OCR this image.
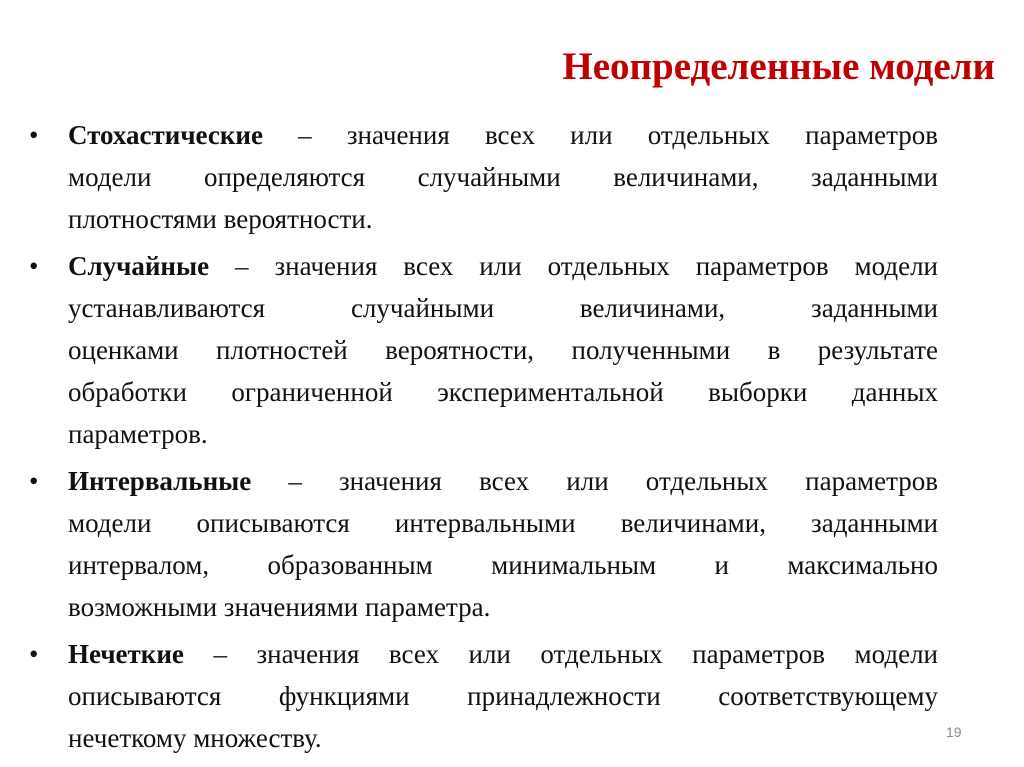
Неопределенные модели
• Стохастические – значения всех или отдельных параметров
модели определяются случайными величинами, заданными
плотностями вероятности.
• Случайные – значения всех или отдельных параметров модели
устанавливаются случайными величинами, заданными
оценками плотностей вероятности, полученными в результате
обработки ограниченной экспериментальной выборки данных
параметров.
• Интервальные – значения всех или отдельных параметров
модели описываются интервальными величинами, заданными
интервалом, образованным минимальным и максимально
возможными значениями параметра.
• Нечеткие – значения всех или отдельных параметров модели
описываются функциями принадлежности соответствующему
нечеткому множеству.	19
